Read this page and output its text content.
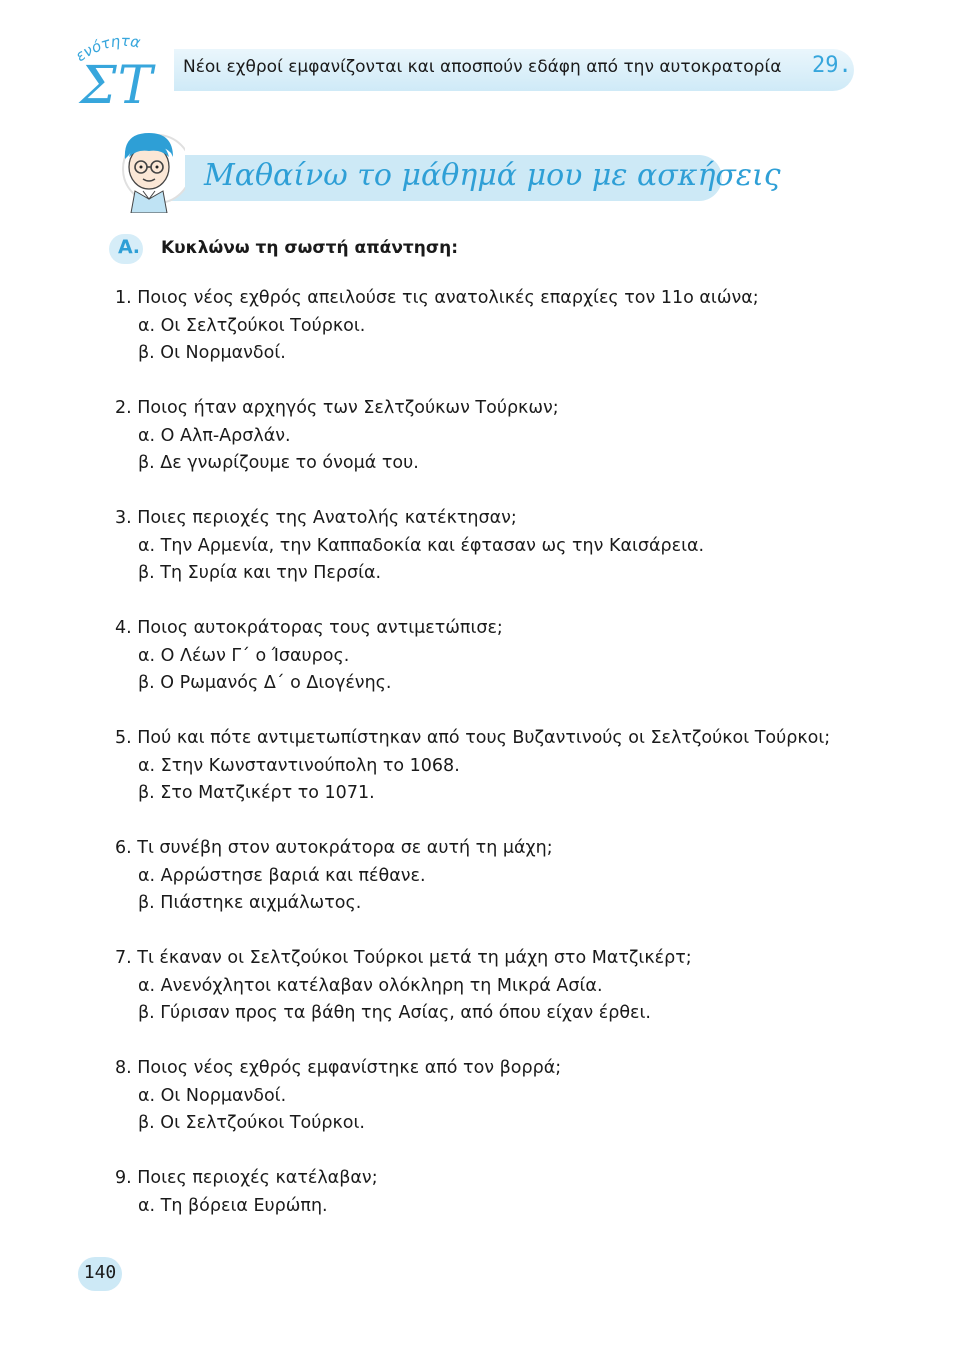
ενότητα
ΣΤ Νέοι εχθροί εμφανίζονται και αποσπούν εδάφη από την αυτοκρατορία 29.
Μαθαίνω το μάθημά μου με ασκήσεις
Α. Κυκλώνω τη σωστή απάντηση:
1. Ποιος νέος εχθρός απειλούσε τις ανατολικές επαρχίες τον 11ο αιώνα;
α. Οι Σελτζούκοι Τούρκοι.
β. Οι Νορμανδοί.
2. Ποιος ήταν αρχηγός των Σελτζούκων Τούρκων;
α. Ο Αλπ-Αρσλάν.
β. Δε γνωρίζουμε το όνομά του.
3. Ποιες περιοχές της Ανατολής κατέκτησαν;
α. Την Αρμενία, την Καππαδοκία και έφτασαν ως την Καισάρεια.
β. Τη Συρία και την Περσία.
4. Ποιος αυτοκράτορας τους αντιμετώπισε;
α. Ο Λέων Γ΄ ο Ίσαυρος.
β. Ο Ρωμανός Δ΄ ο Διογένης.
5. Πού και πότε αντιμετωπίστηκαν από τους Βυζαντινούς οι Σελτζούκοι Τούρκοι;
α. Στην Κωνσταντινούπολη το 1068.
β. Στο Ματζικέρτ το 1071.
6. Τι συνέβη στον αυτοκράτορα σε αυτή τη μάχη;
α. Αρρώστησε βαριά και πέθανε.
β. Πιάστηκε αιχμάλωτος.
7. Τι έκαναν οι Σελτζούκοι Τούρκοι μετά τη μάχη στο Ματζικέρτ;
α. Ανενόχλητοι κατέλαβαν ολόκληρη τη Μικρά Ασία.
β. Γύρισαν προς τα βάθη της Ασίας, από όπου είχαν έρθει.
8. Ποιος νέος εχθρός εμφανίστηκε από τον βορρά;
α. Οι Νορμανδοί.
β. Οι Σελτζούκοι Τούρκοι.
9. Ποιες περιοχές κατέλαβαν;
α. Τη βόρεια Ευρώπη.
140
